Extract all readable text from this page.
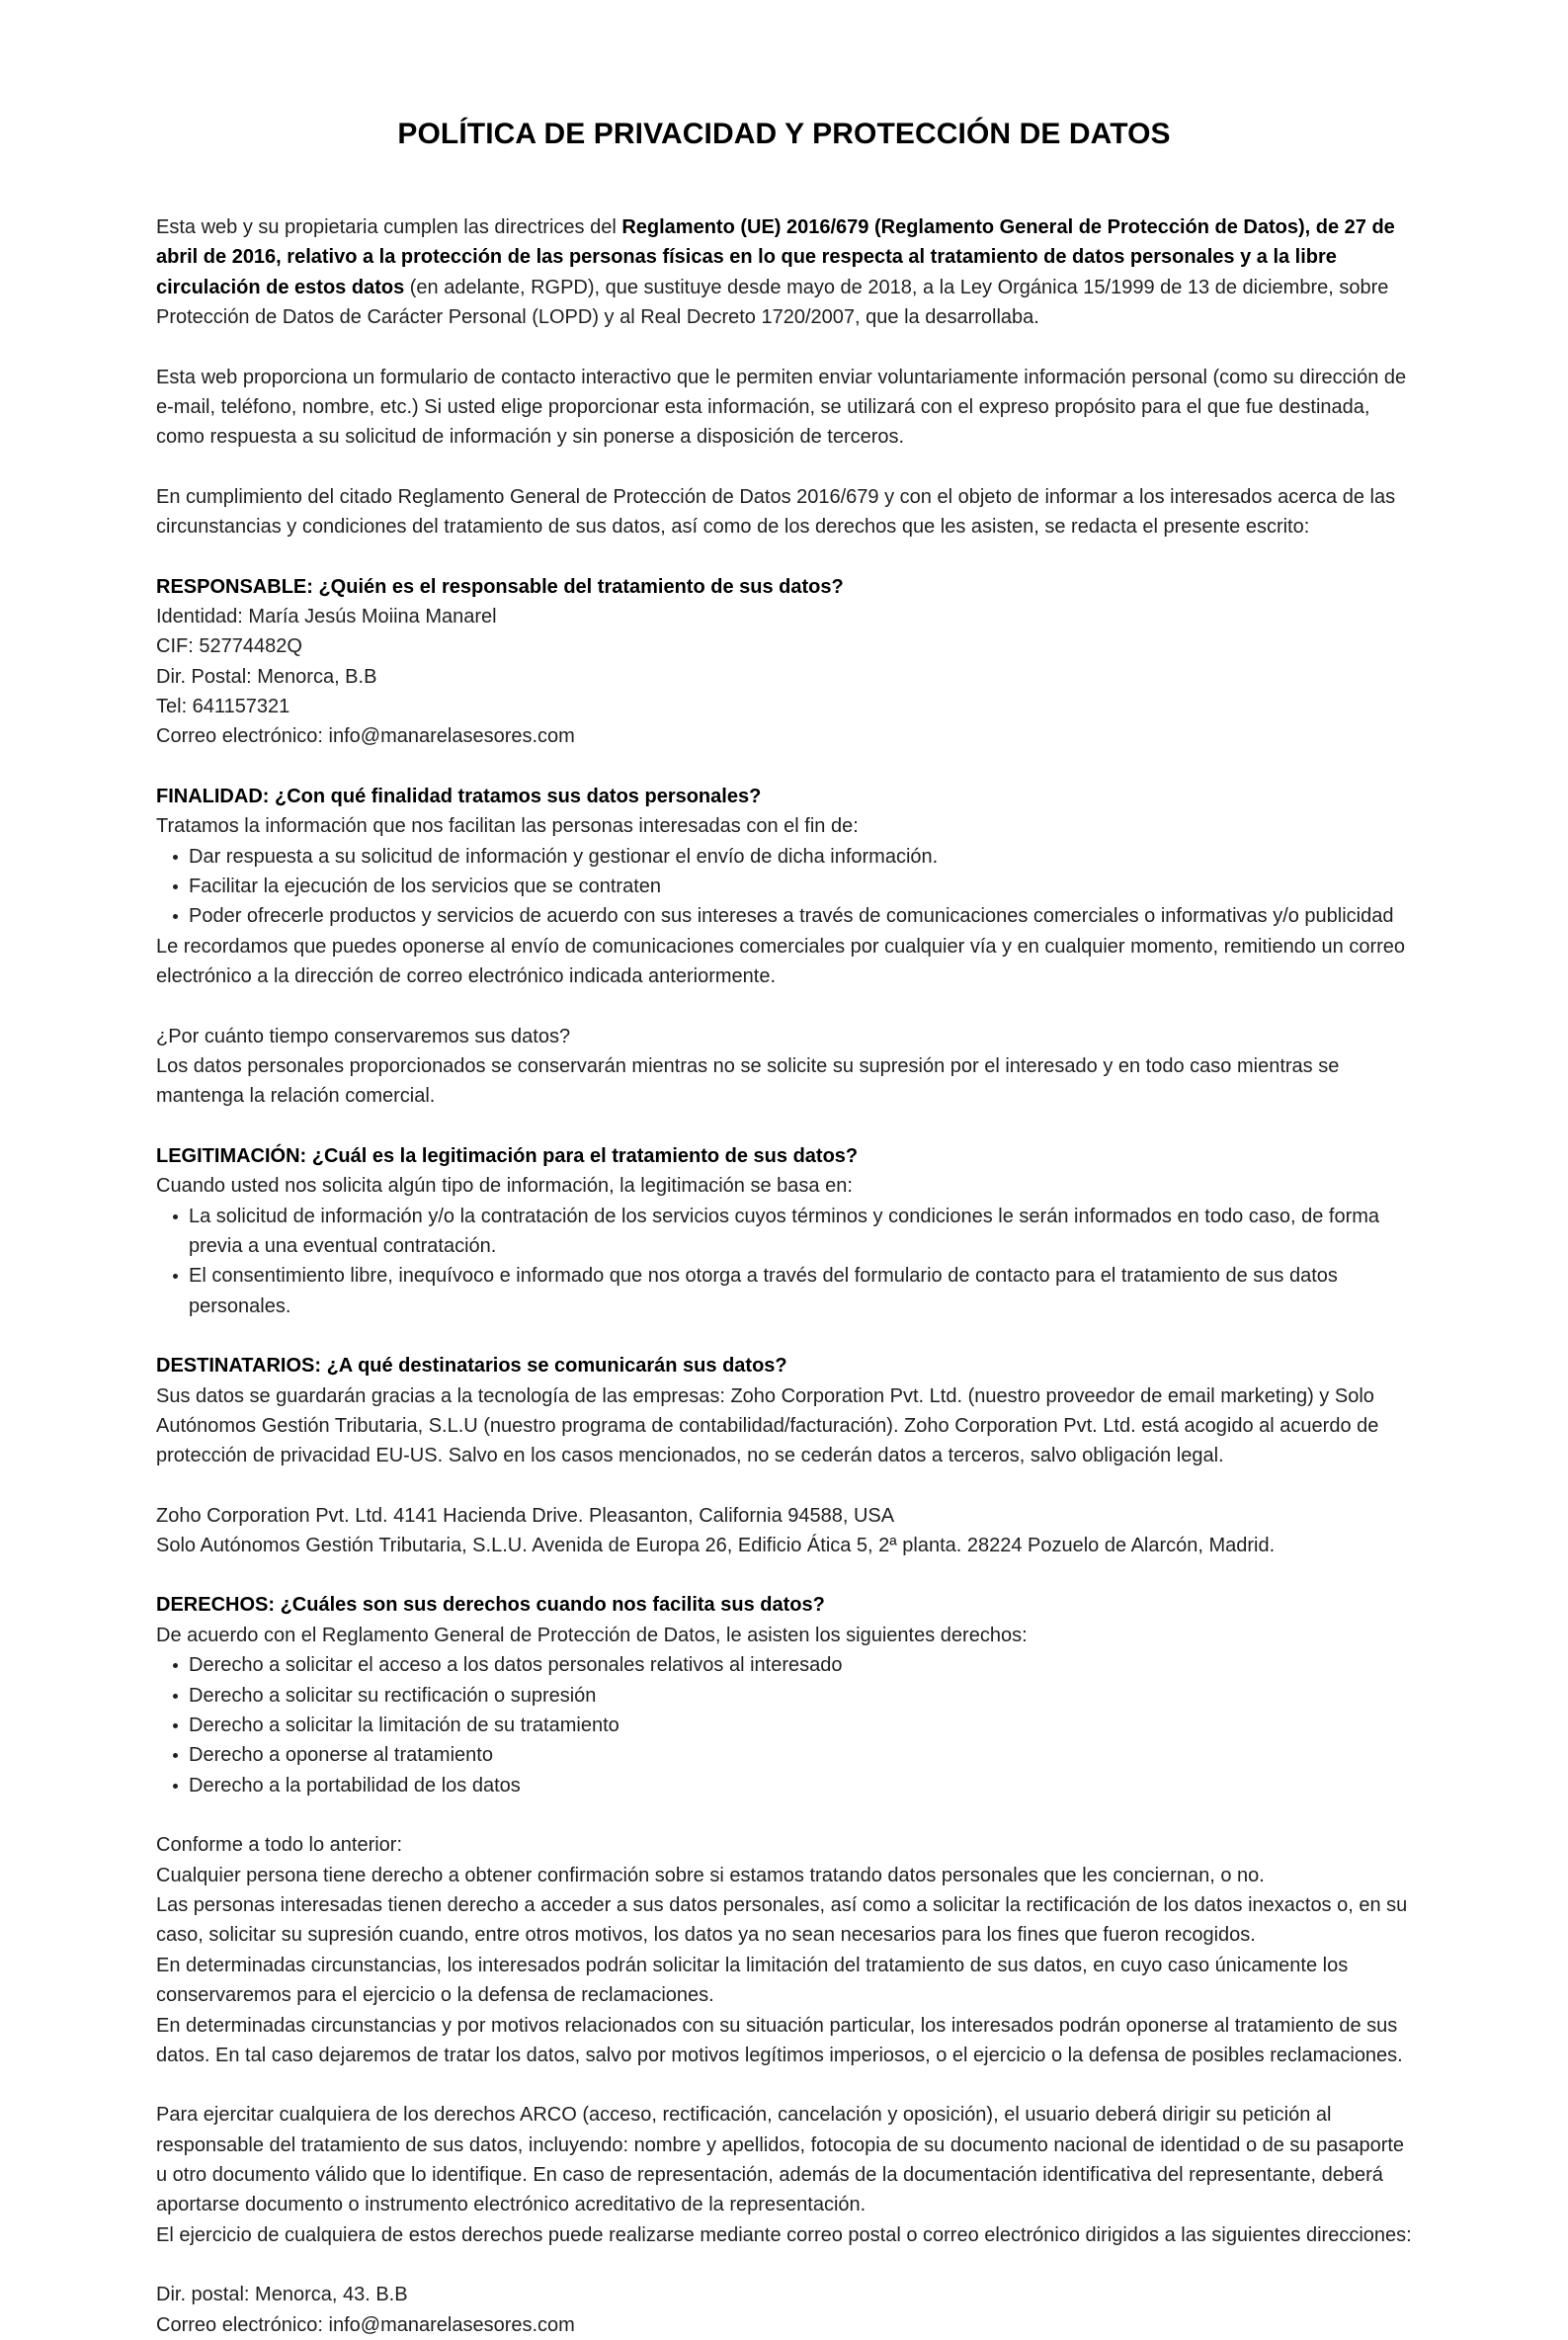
POLÍTICA DE PRIVACIDAD Y PROTECCIÓN DE DATOS

Esta web y su propietaria cumplen las directrices del Reglamento (UE) 2016/679 (Reglamento General de Protección de Datos), de 27 de abril de 2016, relativo a la protección de las personas físicas en lo que respecta al tratamiento de datos personales y a la libre circulación de estos datos (en adelante, RGPD), que sustituye desde mayo de 2018, a la Ley Orgánica 15/1999 de 13 de diciembre, sobre Protección de Datos de Carácter Personal (LOPD) y al Real Decreto 1720/2007, que la desarrollaba.

Esta web proporciona un formulario de contacto interactivo que le permiten enviar voluntariamente información personal (como su dirección de e-mail, teléfono, nombre, etc.) Si usted elige proporcionar esta información, se utilizará con el expreso propósito para el que fue destinada, como respuesta a su solicitud de información y sin ponerse a disposición de terceros.

En cumplimiento del citado Reglamento General de Protección de Datos 2016/679 y con el objeto de informar a los interesados acerca de las circunstancias y condiciones del tratamiento de sus datos, así como de los derechos que les asisten, se redacta el presente escrito:

RESPONSABLE: ¿Quién es el responsable del tratamiento de sus datos?
Identidad: María Jesús Moiina Manarel
CIF: 52774482Q
Dir. Postal: Menorca, B.B
Tel: 641157321
Correo electrónico: info@manarelasesores.com
FINALIDAD: ¿Con qué finalidad tratamos sus datos personales?
Tratamos la información que nos facilitan las personas interesadas con el fin de:
Dar respuesta a su solicitud de información y gestionar el envío de dicha información.
Facilitar la ejecución de los servicios que se contraten
Poder ofrecerle productos y servicios de acuerdo con sus intereses a través de comunicaciones comerciales o informativas y/o publicidad

Le recordamos que puedes oponerse al envío de comunicaciones comerciales por cualquier vía y en cualquier momento, remitiendo un correo electrónico a la dirección de correo electrónico indicada anteriormente.

¿Por cuánto tiempo conservaremos sus datos?

Los datos personales proporcionados se conservarán mientras no se solicite su supresión por el interesado y en todo caso mientras se mantenga la relación comercial.

LEGITIMACIÓN: ¿Cuál es la legitimación para el tratamiento de sus datos?
Cuando usted nos solicita algún tipo de información, la legitimación se basa en:
La solicitud de información y/o la contratación de los servicios cuyos términos y condiciones le serán informados en todo caso, de forma previa a una eventual contratación.
El consentimiento libre, inequívoco e informado que nos otorga a través del formulario de contacto para el tratamiento de sus datos personales.
DESTINATARIOS: ¿A qué destinatarios se comunicarán sus datos?

Sus datos se guardarán gracias a la tecnología de las empresas: Zoho Corporation Pvt. Ltd. (nuestro proveedor de email marketing) y Solo Autónomos Gestión Tributaria, S.L.U (nuestro programa de contabilidad/facturación). Zoho Corporation Pvt. Ltd. está acogido al acuerdo de protección de privacidad EU-US. Salvo en los casos mencionados, no se cederán datos a terceros, salvo obligación legal.

Zoho Corporation Pvt. Ltd. 4141 Hacienda Drive. Pleasanton, California 94588, USA
Solo Autónomos Gestión Tributaria, S.L.U. Avenida de Europa 26, Edificio Ática 5, 2ª planta. 28224 Pozuelo de Alarcón, Madrid.
DERECHOS: ¿Cuáles son sus derechos cuando nos facilita sus datos?
De acuerdo con el Reglamento General de Protección de Datos, le asisten los siguientes derechos:
Derecho a solicitar el acceso a los datos personales relativos al interesado
Derecho a solicitar su rectificación o supresión
Derecho a solicitar la limitación de su tratamiento
Derecho a oponerse al tratamiento
Derecho a la portabilidad de los datos
Conforme a todo lo anterior:

Cualquier persona tiene derecho a obtener confirmación sobre si estamos tratando datos personales que les conciernan, o no.

Las personas interesadas tienen derecho a acceder a sus datos personales, así como a solicitar la rectificación de los datos inexactos o, en su caso, solicitar su supresión cuando, entre otros motivos, los datos ya no sean necesarios para los fines que fueron recogidos.

En determinadas circunstancias, los interesados podrán solicitar la limitación del tratamiento de sus datos, en cuyo caso únicamente los conservaremos para el ejercicio o la defensa de reclamaciones.

En determinadas circunstancias y por motivos relacionados con su situación particular, los interesados podrán oponerse al tratamiento de sus datos. En tal caso dejaremos de tratar los datos, salvo por motivos legítimos imperiosos, o el ejercicio o la defensa de posibles reclamaciones.

Para ejercitar cualquiera de los derechos ARCO (acceso, rectificación, cancelación y oposición), el usuario deberá dirigir su petición al responsable del tratamiento de sus datos, incluyendo: nombre y apellidos, fotocopia de su documento nacional de identidad o de su pasaporte u otro documento válido que lo identifique. En caso de representación, además de la documentación identificativa del representante, deberá aportarse documento o instrumento electrónico acreditativo de la representación.

El ejercicio de cualquiera de estos derechos puede realizarse mediante correo postal o correo electrónico dirigidos a las siguientes direcciones:

Dir. postal: Menorca, 43. B.B
Correo electrónico: info@manarelasesores.com
